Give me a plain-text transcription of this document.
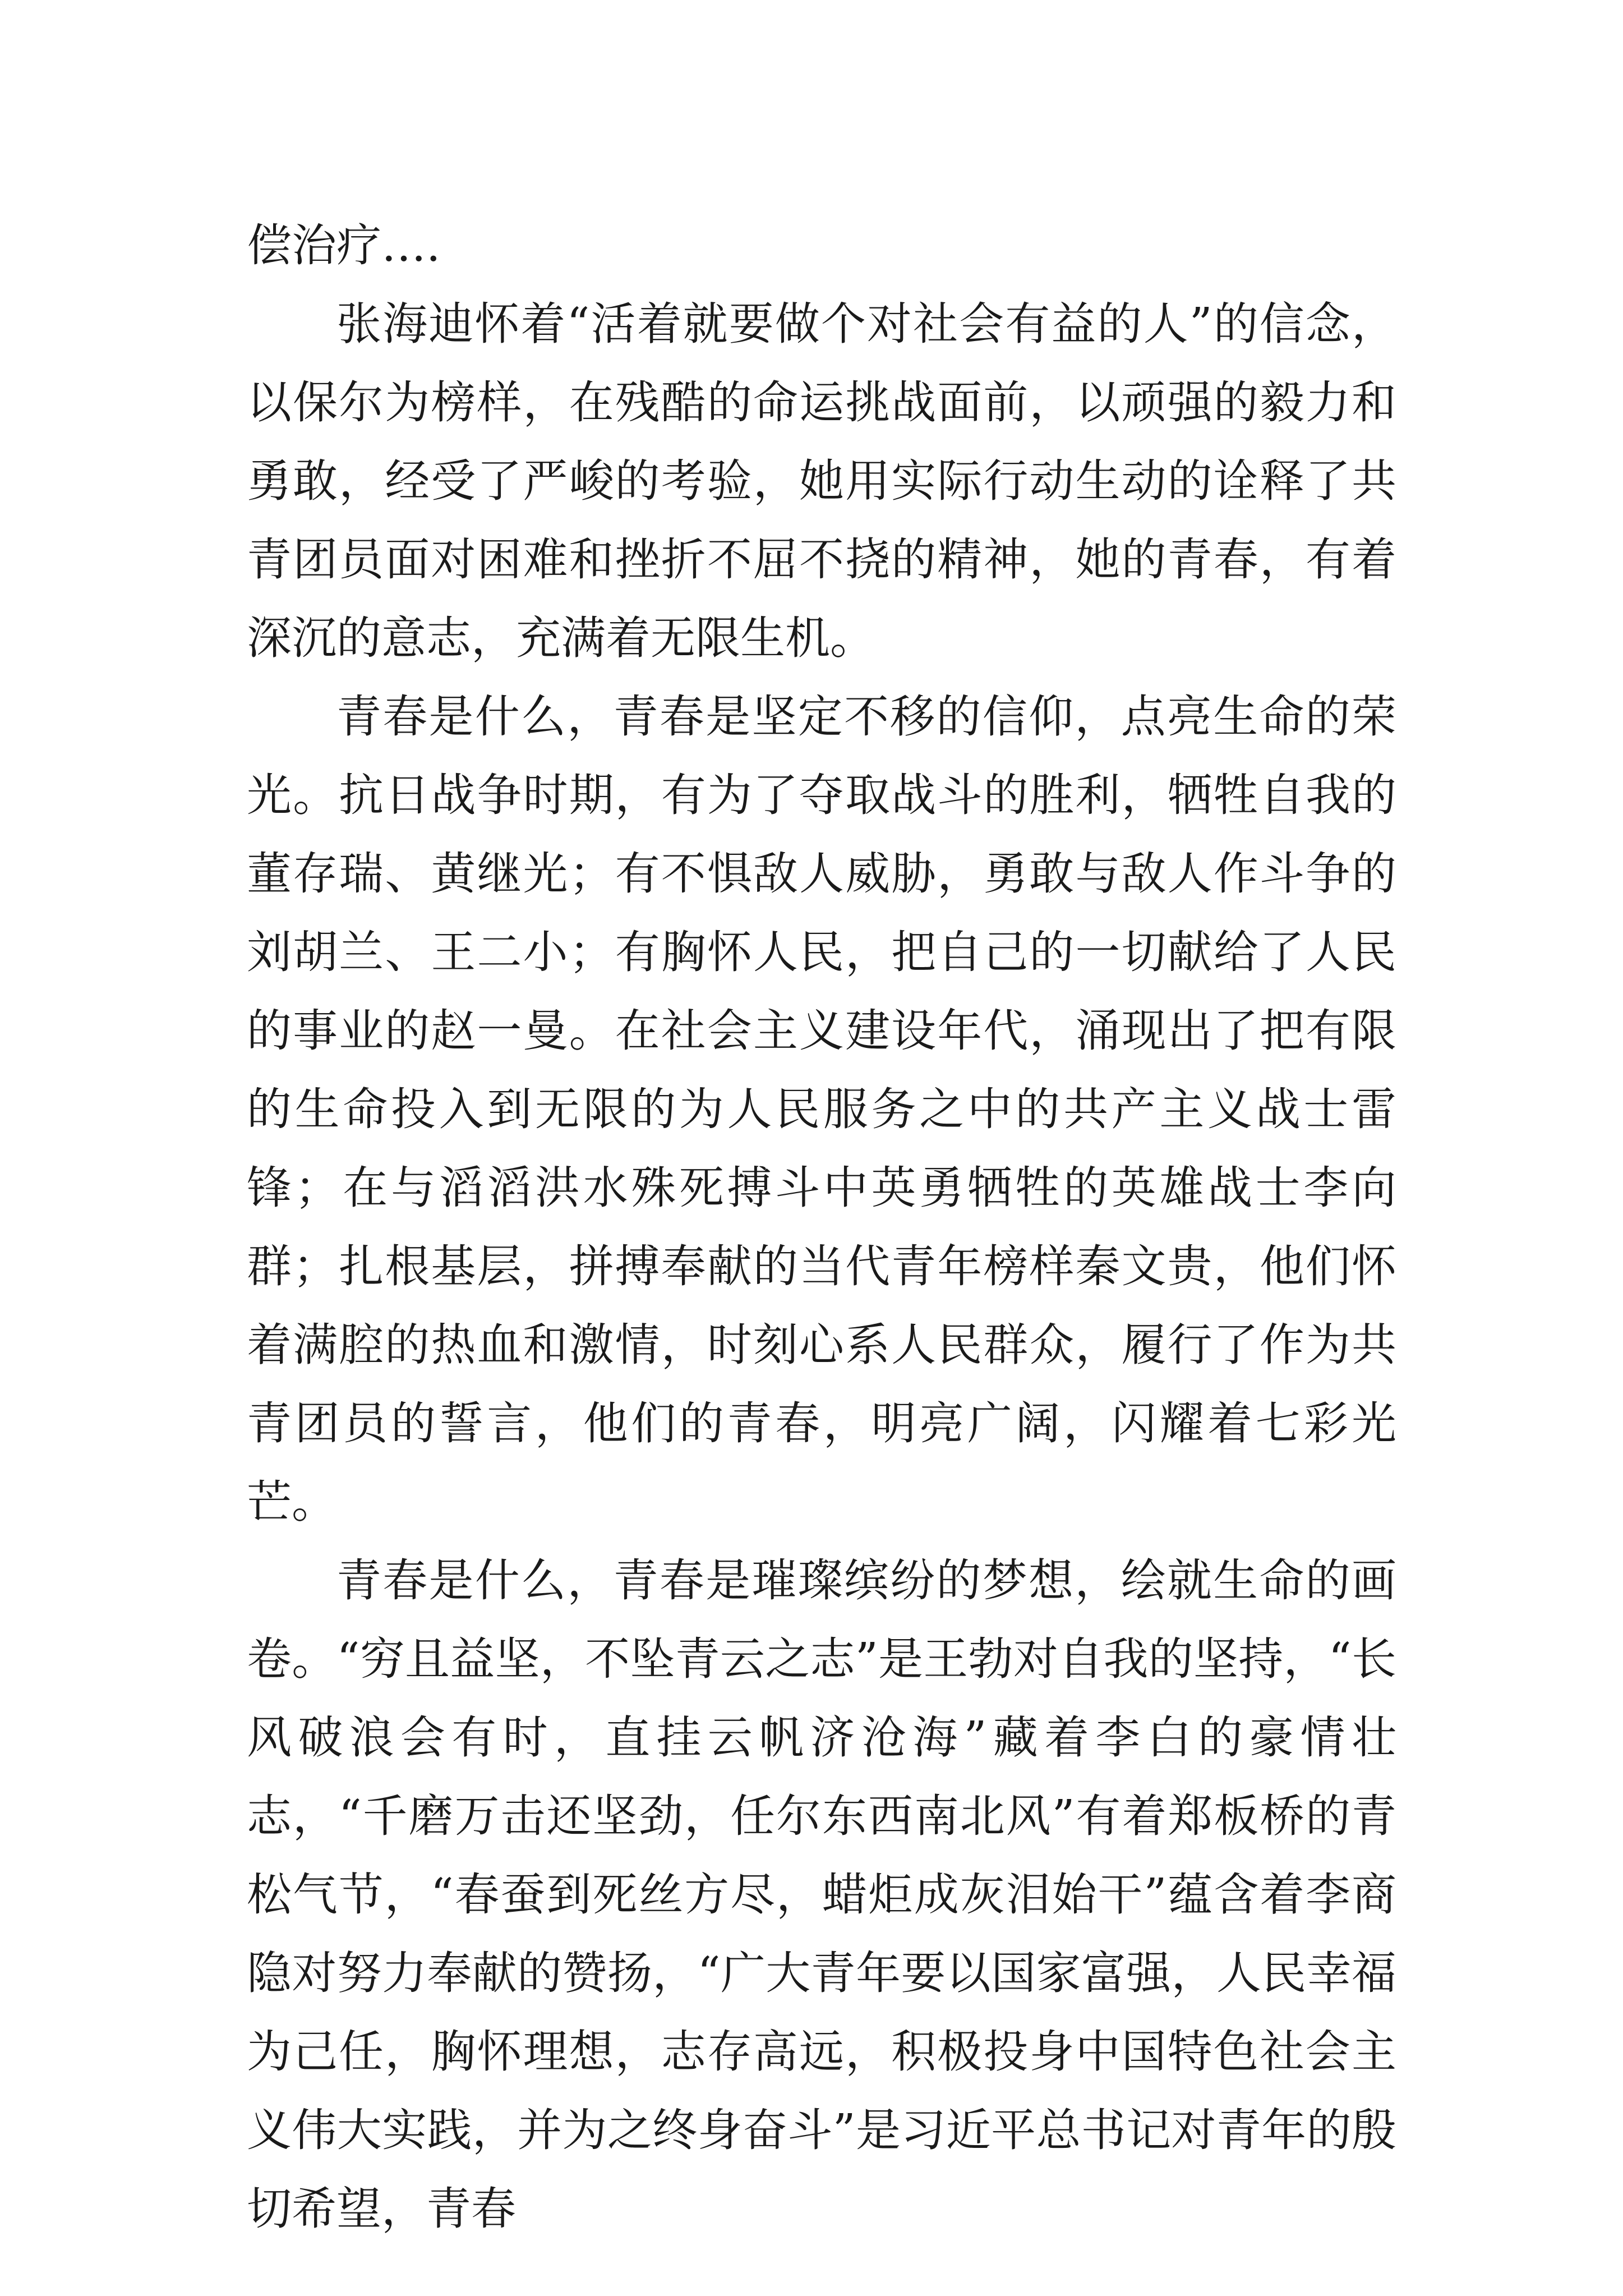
偿治疗….

张海迪怀着“活着就要做个对社会有益的人”的信念，以保尔为榜样，在残酷的命运挑战面前，以顽强的毅力和勇敢，经受了严峻的考验，她用实际行动生动的诠释了共青团员面对困难和挫折不屈不挠的精神，她的青春，有着深沉的意志，充满着无限生机。

青春是什么，青春是坚定不移的信仰，点亮生命的荣光。抗日战争时期，有为了夺取战斗的胜利，牺牲自我的董存瑞、黄继光；有不惧敌人威胁，勇敢与敌人作斗争的刘胡兰、王二小；有胸怀人民，把自己的一切献给了人民的事业的赵一曼。在社会主义建设年代，涌现出了把有限的生命投入到无限的为人民服务之中的共产主义战士雷锋；在与滔滔洪水殊死搏斗中英勇牺牲的英雄战士李向群；扎根基层，拼搏奉献的当代青年榜样秦文贵，他们怀着满腔的热血和激情，时刻心系人民群众，履行了作为共青团员的誓言，他们的青春，明亮广阔，闪耀着七彩光芒。

青春是什么，青春是璀璨缤纷的梦想，绘就生命的画卷。“穷且益坚，不坠青云之志”是王勃对自我的坚持，“长风破浪会有时，直挂云帆济沧海”藏着李白的豪情壮志，“千磨万击还坚劲，任尔东西南北风”有着郑板桥的青松气节，“春蚕到死丝方尽，蜡炬成灰泪始干”蕴含着李商隐对努力奉献的赞扬，“广大青年要以国家富强，人民幸福为己任，胸怀理想，志存高远，积极投身中国特色社会主义伟大实践，并为之终身奋斗”是习近平总书记对青年的殷切希望，青春
